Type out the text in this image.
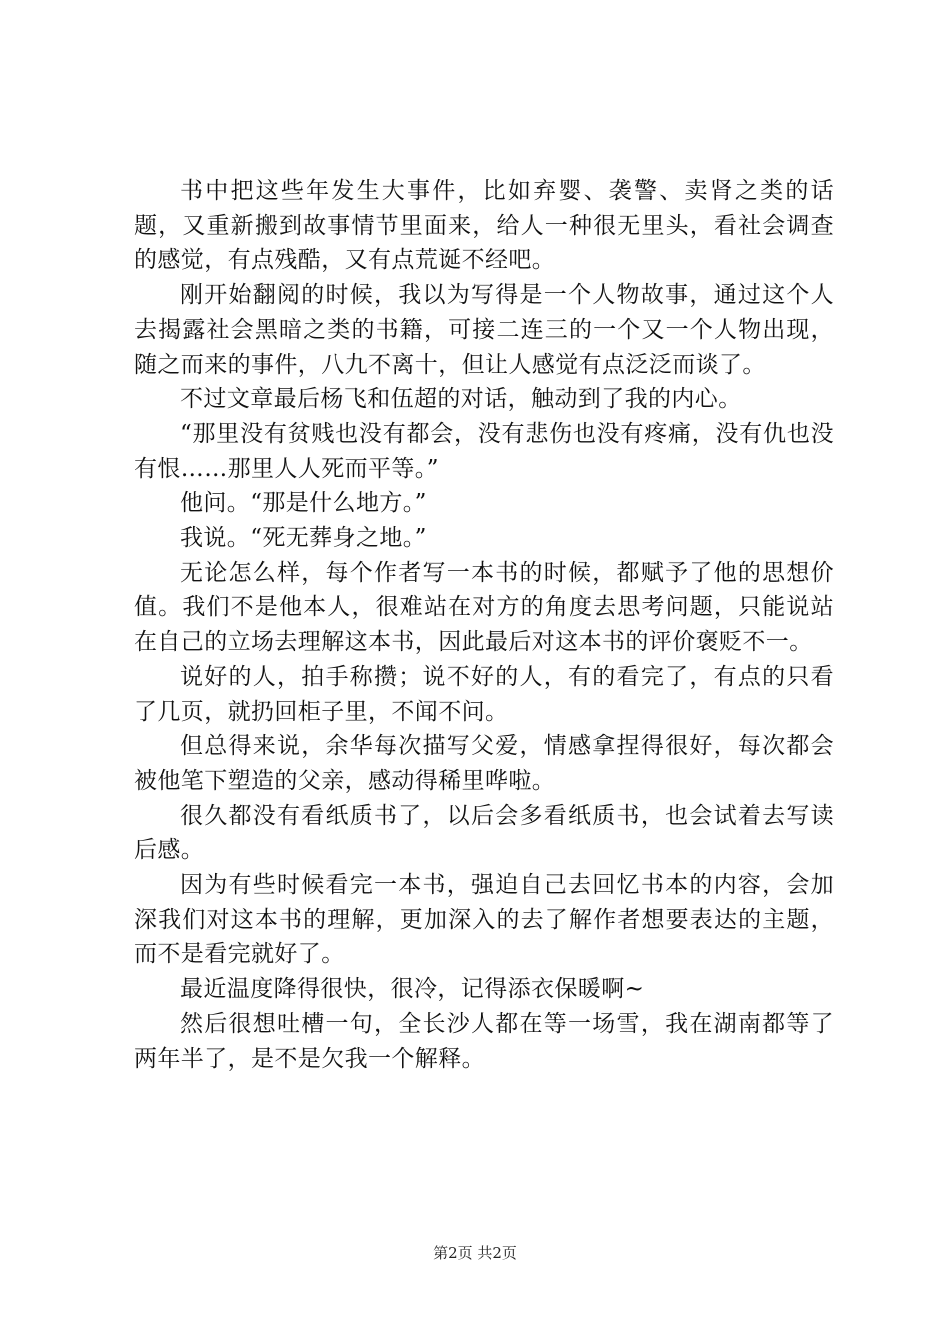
书中把这些年发生大事件，比如弃婴、袭警、卖肾之类的话题，又重新搬到故事情节里面来，给人一种很无里头，看社会调查的感觉，有点残酷，又有点荒诞不经吧。

刚开始翻阅的时候，我以为写得是一个人物故事，通过这个人去揭露社会黑暗之类的书籍，可接二连三的一个又一个人物出现，随之而来的事件，八九不离十，但让人感觉有点泛泛而谈了。

不过文章最后杨飞和伍超的对话，触动到了我的内心。

“那里没有贫贱也没有都会，没有悲伤也没有疼痛，没有仇也没有恨……那里人人死而平等。”

他问。“那是什么地方。”

我说。“死无葬身之地。”

无论怎么样，每个作者写一本书的时候，都赋予了他的思想价值。我们不是他本人，很难站在对方的角度去思考问题，只能说站在自己的立场去理解这本书，因此最后对这本书的评价褒贬不一。

说好的人，拍手称攒；说不好的人，有的看完了，有点的只看了几页，就扔回柜子里，不闻不问。

但总得来说，余华每次描写父爱，情感拿捏得很好，每次都会被他笔下塑造的父亲，感动得稀里哗啦。

很久都没有看纸质书了，以后会多看纸质书，也会试着去写读后感。

因为有些时候看完一本书，强迫自己去回忆书本的内容，会加深我们对这本书的理解，更加深入的去了解作者想要表达的主题，而不是看完就好了。

最近温度降得很快，很冷，记得添衣保暖啊~

然后很想吐槽一句，全长沙人都在等一场雪，我在湖南都等了两年半了，是不是欠我一个解释。

第2页 共2页
